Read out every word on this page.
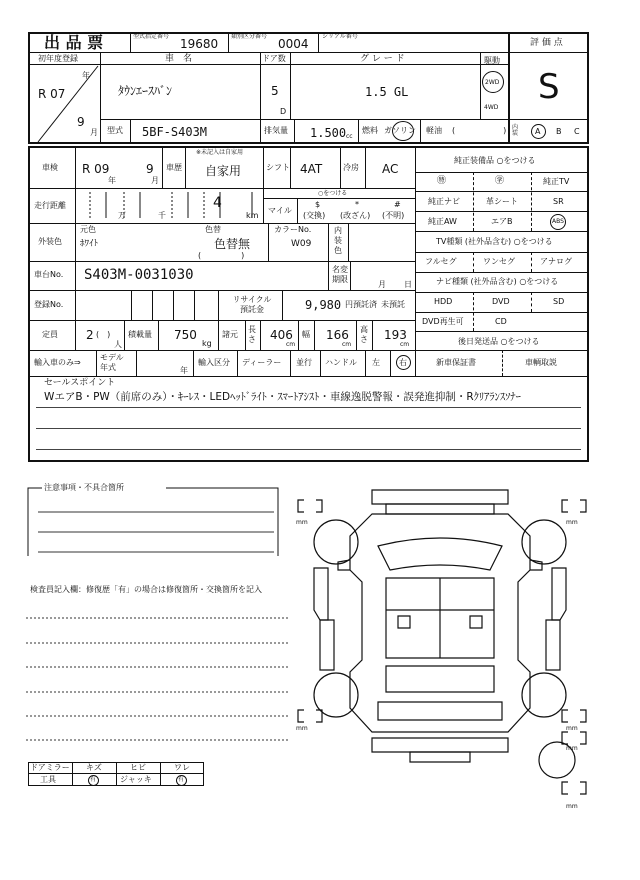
出 品 票	型式指定番号
19680
類別区分番号
0004
シリアル番号
評 価 点
S
初年度登録
R 07
年
9
月
車　名
ﾀｳﾝｴｰｽﾊﾞﾝ
ドア数
5
D
グ レ ー ド
1.5 GL
駆動
2WD
4WD
型式 5BF-S403M	排気量 1.500 cc
燃料 ガソリン 軽油 (　　　　　　) 内装	A B C
車検 R 09
年
9
月
車歴
※未記入は自家用
自家用	シフト 4AT	冷房 AC
走行距離
万	千
4
km
○をつける
マイル
$
(交換)
*
(改ざん)
#
(不明)
外装色
元色
ﾎﾜｲﾄ
色替
色替無
(　　　　　)
カラーNo.
W09
内装色
車台No. S403M-0031030	名変期限
月 日
登録No.
リサイクル預託金	9,980 円預託済 未預託
定員 2 (　)
人
積載量 750
kg
諸元
長さ 406
cm
幅 166
cm
高さ 193
cm
輸入車のみ⇒
モデル年式	年
輸入区分 ディーラー 並行 ハンドル 左 右
純正装備品 ○をつける
㊕	㊫	純正TV
純正ナビ	革シート	SR
純正AW	エアB	ABS
TV種類 (社外品含む) ○をつける
フルセグ	ワンセグ	アナログ
ナビ種類 (社外品含む) ○をつける
HDD	DVD	SD
DVD再生可	CD
後日発送品 ○をつける
新車保証書	車輌取説
セールスポイント
WエアB・PW（前席のみ）・ｷｰﾚｽ・LEDﾍｯﾄﾞﾗｲﾄ・ｽﾏｰﾄｱｼｽﾄ・車線逸脱警報・誤発進抑制・Rｸﾘｱﾗﾝｽｿﾅｰ
注意事項・不具合箇所
検査員記入欄：修復歴「有」の場合は修復箇所・交換箇所を記入
ドアミラー キズ	ヒビ	ワレ
工具	有	ジャッキ	有
mm	mm
mm	mm
mm
mm
